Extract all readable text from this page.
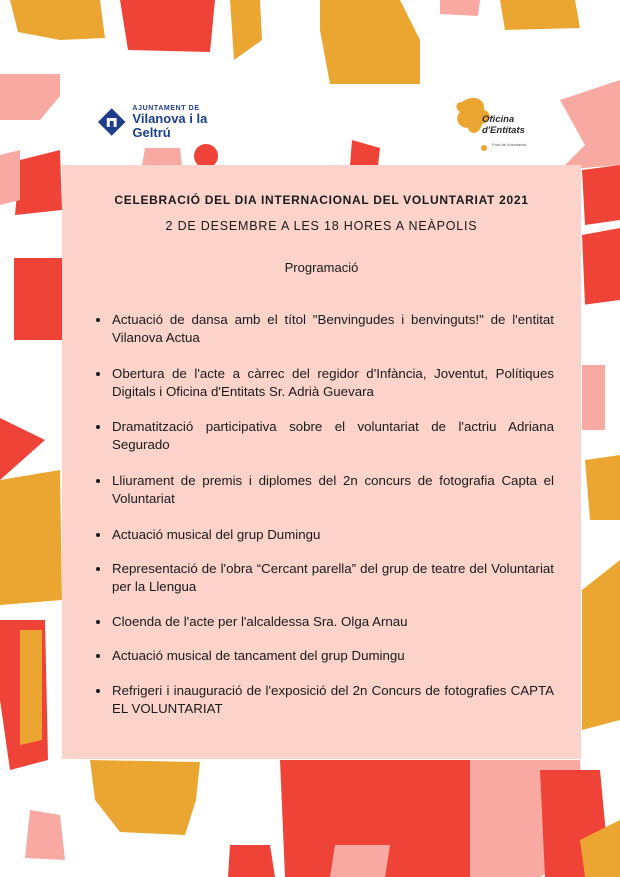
AJUNTAMENT DE
Vilanova i la Geltrú
Oficina
d'Entitats
Punt de Voluntariat
CELEBRACIÓ DEL DIA INTERNACIONAL DEL VOLUNTARIAT 2021
2 DE DESEMBRE A LES 18 HORES A NEÀPOLIS
Programació
Actuació de dansa amb el títol "Benvingudes i benvinguts!" de l'entitat Vilanova Actua
Obertura de l'acte a càrrec del regidor d'Infància, Joventut, Polítiques Digitals i Oficina d'Entitats Sr. Adrià Guevara
Dramatització participativa sobre el voluntariat de l'actriu Adriana Segurado
Lliurament de premis i diplomes del 2n concurs de fotografia Capta el Voluntariat
Actuació musical del grup Dumingu
Representació de l'obra “Cercant parella” del grup de teatre del Voluntariat per la Llengua
Cloenda de l'acte per l'alcaldessa Sra. Olga Arnau
Actuació musical de tancament del grup Dumingu
Refrigeri i inauguració de l'exposició del 2n Concurs de fotografies CAPTA EL VOLUNTARIAT
